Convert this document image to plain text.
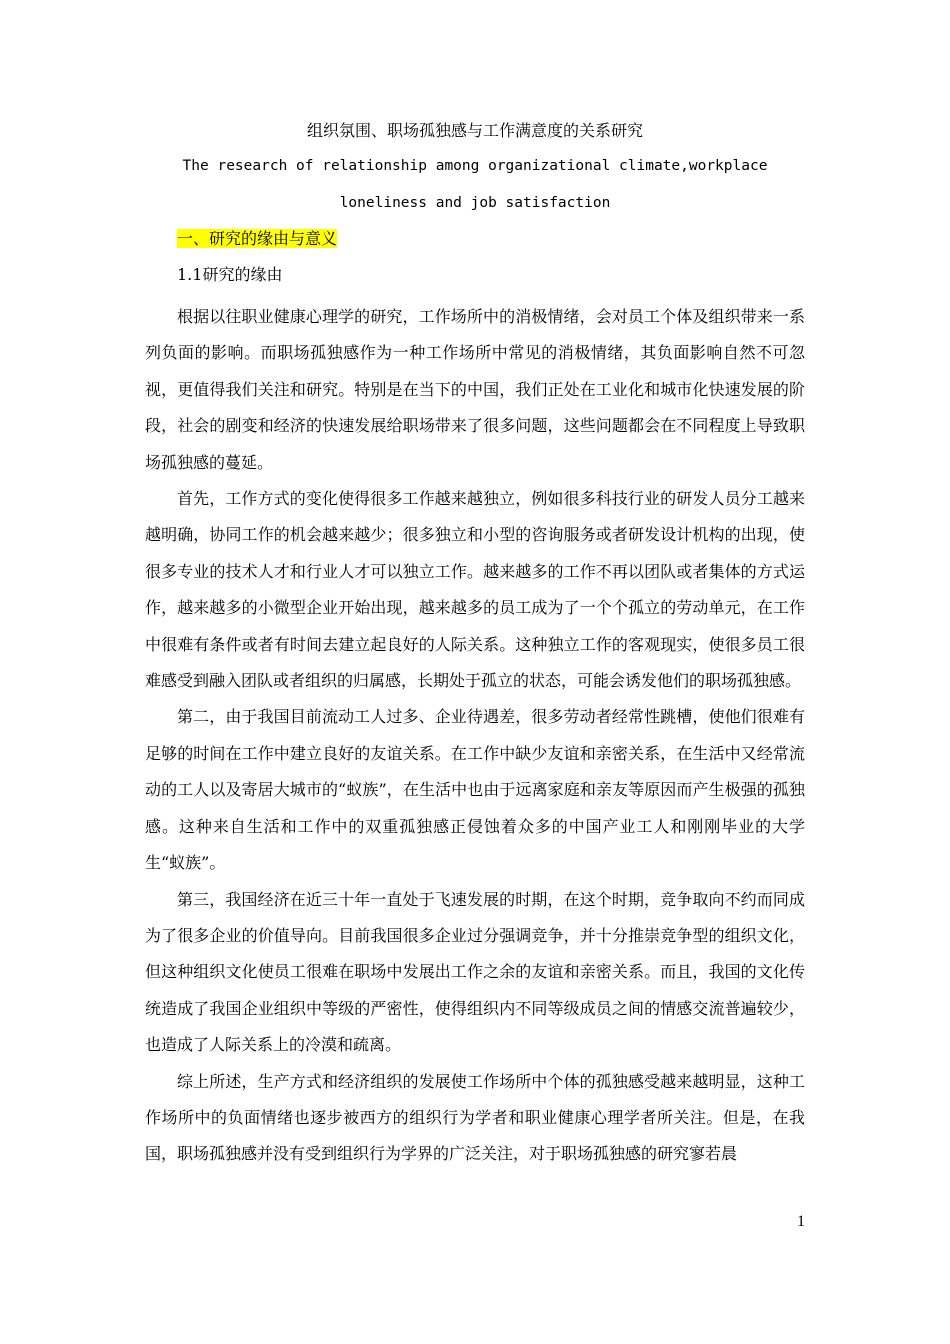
组织氛围、职场孤独感与工作满意度的关系研究
The research of relationship among organizational climate,workplace
loneliness and job satisfaction
一、研究的缘由与意义
1.1研究的缘由

根据以往职业健康心理学的研究，工作场所中的消极情绪，会对员工个体及组织带来一系列负面的影响。而职场孤独感作为一种工作场所中常见的消极情绪，其负面影响自然不可忽视，更值得我们关注和研究。特别是在当下的中国，我们正处在工业化和城市化快速发展的阶段，社会的剧变和经济的快速发展给职场带来了很多问题，这些问题都会在不同程度上导致职场孤独感的蔓延。

首先，工作方式的变化使得很多工作越来越独立，例如很多科技行业的研发人员分工越来越明确，协同工作的机会越来越少；很多独立和小型的咨询服务或者研发设计机构的出现，使很多专业的技术人才和行业人才可以独立工作。越来越多的工作不再以团队或者集体的方式运作，越来越多的小微型企业开始出现，越来越多的员工成为了一个个孤立的劳动单元，在工作中很难有条件或者有时间去建立起良好的人际关系。这种独立工作的客观现实，使很多员工很难感受到融入团队或者组织的归属感，长期处于孤立的状态，可能会诱发他们的职场孤独感。

第二，由于我国目前流动工人过多、企业待遇差，很多劳动者经常性跳槽，使他们很难有足够的时间在工作中建立良好的友谊关系。在工作中缺少友谊和亲密关系，在生活中又经常流动的工人以及寄居大城市的“蚁族”，在生活中也由于远离家庭和亲友等原因而产生极强的孤独感。这种来自生活和工作中的双重孤独感正侵蚀着众多的中国产业工人和刚刚毕业的大学生“蚁族”。

第三，我国经济在近三十年一直处于飞速发展的时期，在这个时期，竞争取向不约而同成为了很多企业的价值导向。目前我国很多企业过分强调竞争，并十分推崇竞争型的组织文化，但这种组织文化使员工很难在职场中发展出工作之余的友谊和亲密关系。而且，我国的文化传统造成了我国企业组织中等级的严密性，使得组织内不同等级成员之间的情感交流普遍较少，也造成了人际关系上的冷漠和疏离。

综上所述，生产方式和经济组织的发展使工作场所中个体的孤独感受越来越明显，这种工作场所中的负面情绪也逐步被西方的组织行为学者和职业健康心理学者所关注。但是，在我国，职场孤独感并没有受到组织行为学界的广泛关注，对于职场孤独感的研究寥若晨

1
